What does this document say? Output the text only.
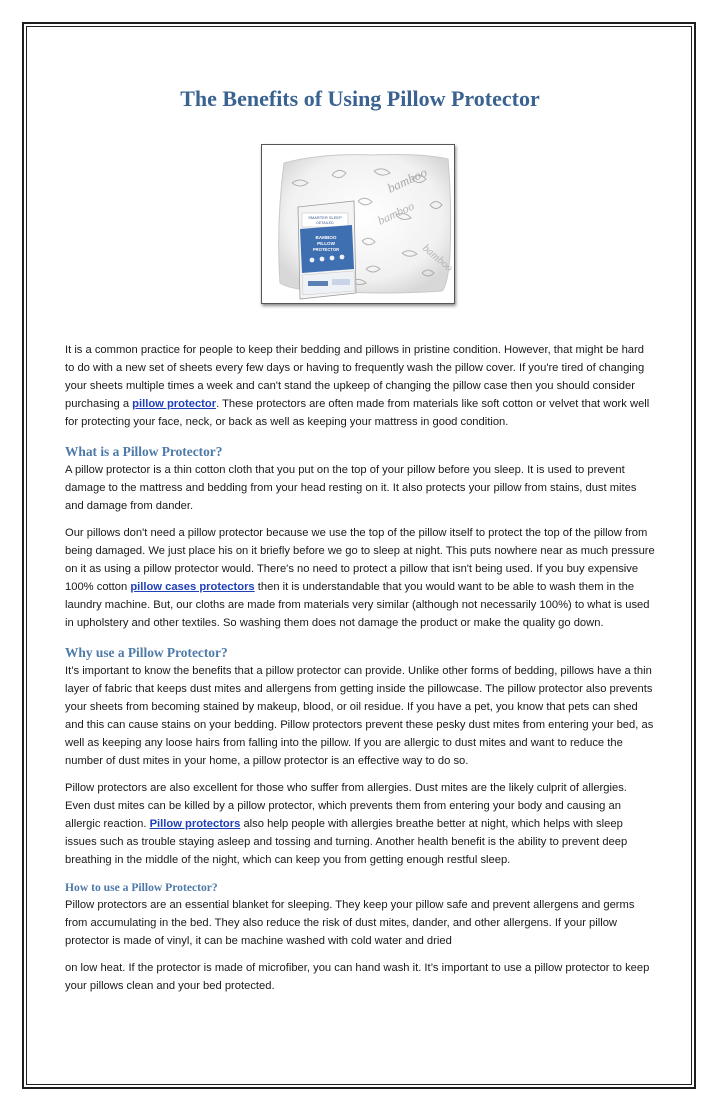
The Benefits of Using Pillow Protector
bamboo
bamboo
bamboo
SMARTER SLEEP
DETAILED
BAMBOO
PILLOW
PROTECTOR

It is a common practice for people to keep their bedding and pillows in pristine condition. However, that might be hard to do with a new set of sheets every few days or having to frequently wash the pillow cover. If you're tired of changing your sheets multiple times a week and can't stand the upkeep of changing the pillow case then you should consider purchasing a pillow protector. These protectors are often made from materials like soft cotton or velvet that work well for protecting your face, neck, or back as well as keeping your mattress in good condition.

What is a Pillow Protector?

A pillow protector is a thin cotton cloth that you put on the top of your pillow before you sleep. It is used to prevent damage to the mattress and bedding from your head resting on it. It also protects your pillow from stains, dust mites and damage from dander.

Our pillows don't need a pillow protector because we use the top of the pillow itself to protect the top of the pillow from being damaged. We just place his on it briefly before we go to sleep at night. This puts nowhere near as much pressure on it as using a pillow protector would. There's no need to protect a pillow that isn't being used. If you buy expensive 100% cotton pillow cases protectors then it is understandable that you would want to be able to wash them in the laundry machine. But, our cloths are made from materials very similar (although not necessarily 100%) to what is used in upholstery and other textiles. So washing them does not damage the product or make the quality go down.

Why use a Pillow Protector?

It’s important to know the benefits that a pillow protector can provide. Unlike other forms of bedding, pillows have a thin layer of fabric that keeps dust mites and allergens from getting inside the pillowcase. The pillow protector also prevents your sheets from becoming stained by makeup, blood, or oil residue. If you have a pet, you know that pets can shed and this can cause stains on your bedding. Pillow protectors prevent these pesky dust mites from entering your bed, as well as keeping any loose hairs from falling into the pillow. If you are allergic to dust mites and want to reduce the number of dust mites in your home, a pillow protector is an effective way to do so.

Pillow protectors are also excellent for those who suffer from allergies. Dust mites are the likely culprit of allergies. Even dust mites can be killed by a pillow protector, which prevents them from entering your body and causing an allergic reaction. Pillow protectors also help people with allergies breathe better at night, which helps with sleep issues such as trouble staying asleep and tossing and turning. Another health benefit is the ability to prevent deep breathing in the middle of the night, which can keep you from getting enough restful sleep.

How to use a Pillow Protector?

Pillow protectors are an essential blanket for sleeping. They keep your pillow safe and prevent allergens and germs from accumulating in the bed. They also reduce the risk of dust mites, dander, and other allergens. If your pillow protector is made of vinyl, it can be machine washed with cold water and dried

on low heat. If the protector is made of microfiber, you can hand wash it. It’s important to use a pillow protector to keep your pillows clean and your bed protected.
